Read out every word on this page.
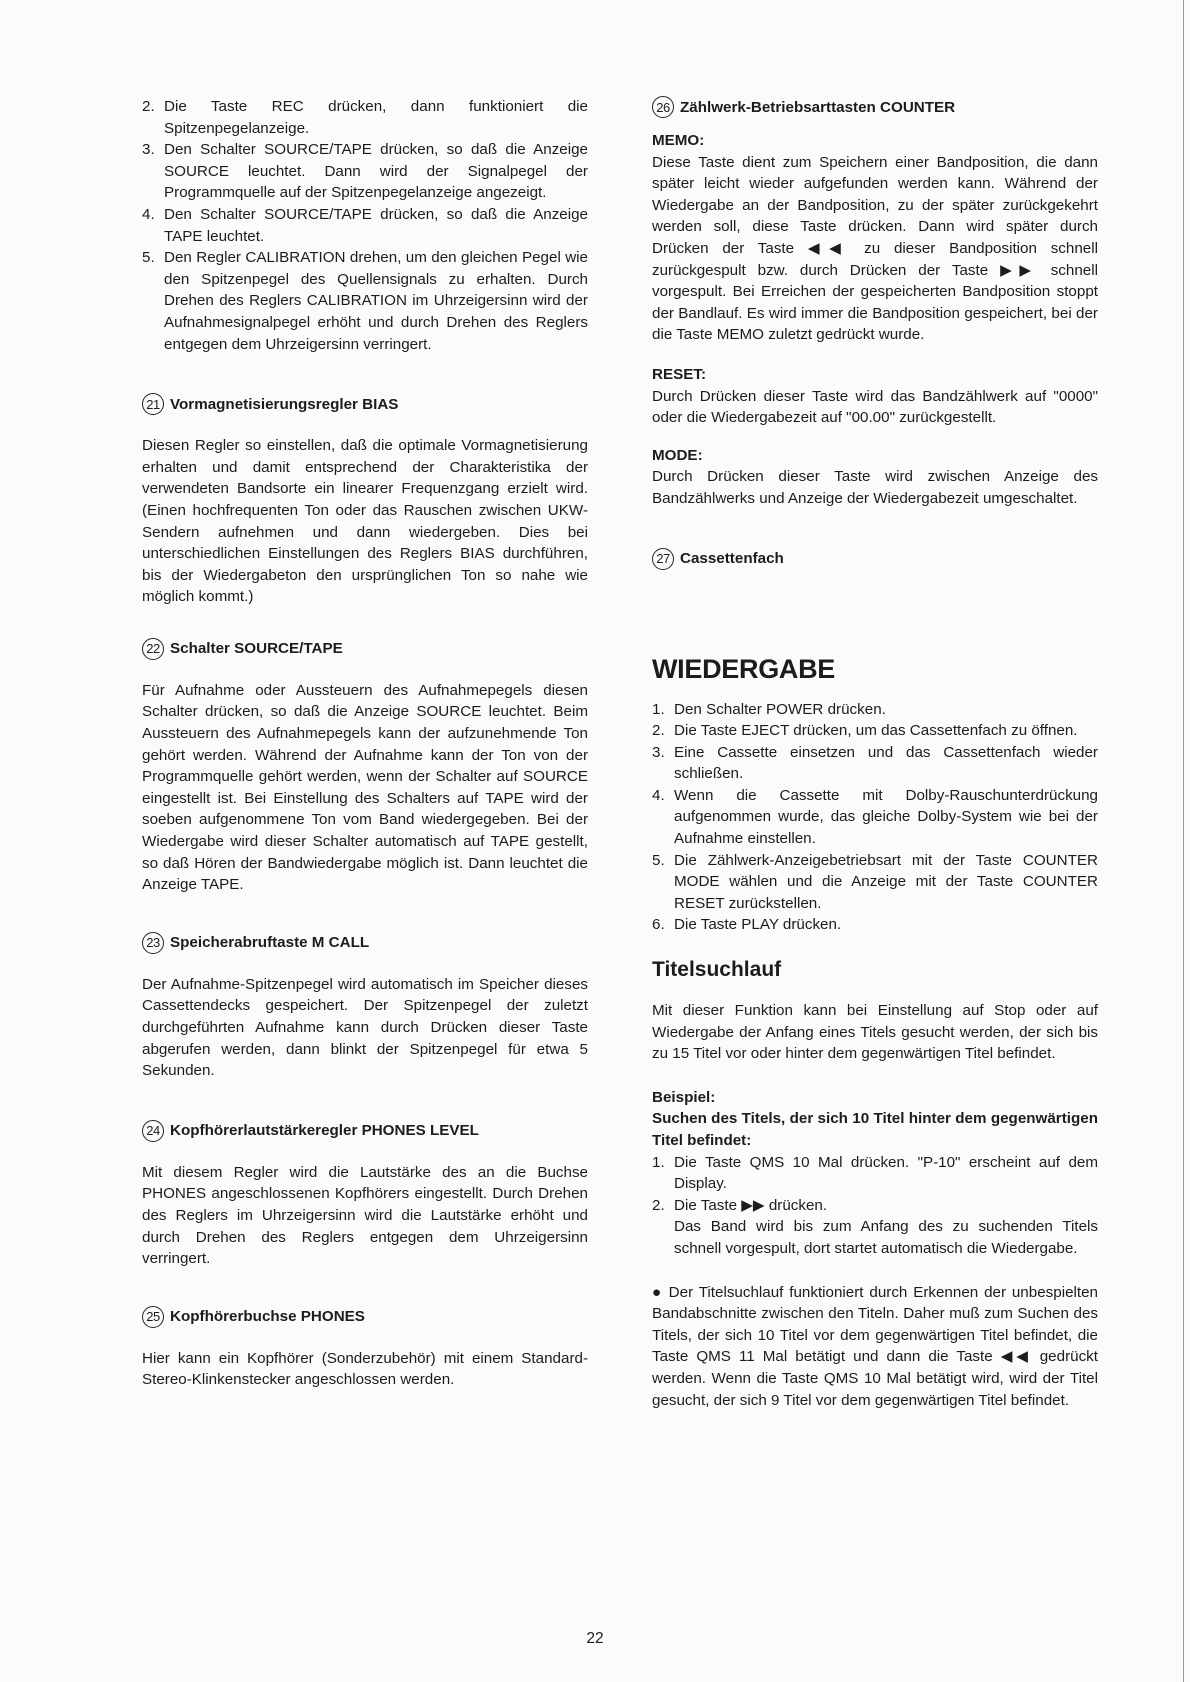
2. Die Taste REC drücken, dann funktioniert die Spitzenpegelanzeige.
3. Den Schalter SOURCE/TAPE drücken, so daß die Anzeige SOURCE leuchtet. Dann wird der Signalpegel der Programmquelle auf der Spitzenpegelanzeige angezeigt.
4. Den Schalter SOURCE/TAPE drücken, so daß die Anzeige TAPE leuchtet.
5. Den Regler CALIBRATION drehen, um den gleichen Pegel wie den Spitzenpegel des Quellensignals zu erhalten. Durch Drehen des Reglers CALIBRATION im Uhrzeigersinn wird der Aufnahmesignalpegel erhöht und durch Drehen des Reglers entgegen dem Uhrzeigersinn verringert.
21 Vormagnetisierungsregler BIAS

Diesen Regler so einstellen, daß die optimale Vormagnetisierung erhalten und damit entsprechend der Charakteristika der verwendeten Bandsorte ein linearer Frequenzgang erzielt wird. (Einen hochfrequenten Ton oder das Rauschen zwischen UKW- Sendern aufnehmen und dann wiedergeben. Dies bei unterschiedlichen Einstellungen des Reglers BIAS durchführen, bis der Wiedergabeton den ursprünglichen Ton so nahe wie möglich kommt.)

22 Schalter SOURCE/TAPE

Für Aufnahme oder Aussteuern des Aufnahmepegels diesen Schalter drücken, so daß die Anzeige SOURCE leuchtet. Beim Aussteuern des Aufnahmepegels kann der aufzunehmende Ton gehört werden. Während der Aufnahme kann der Ton von der Programmquelle gehört werden, wenn der Schalter auf SOURCE eingestellt ist. Bei Einstellung des Schalters auf TAPE wird der soeben aufgenommene Ton vom Band wiedergegeben. Bei der Wiedergabe wird dieser Schalter automatisch auf TAPE gestellt, so daß Hören der Bandwiedergabe möglich ist. Dann leuchtet die Anzeige TAPE.

23 Speicherabruftaste M CALL

Der Aufnahme-Spitzenpegel wird automatisch im Speicher dieses Cassettendecks gespeichert. Der Spitzenpegel der zuletzt durchgeführten Aufnahme kann durch Drücken dieser Taste abgerufen werden, dann blinkt der Spitzenpegel für etwa 5 Sekunden.

24 Kopfhörerlautstärkeregler PHONES LEVEL

Mit diesem Regler wird die Lautstärke des an die Buchse PHONES angeschlossenen Kopfhörers eingestellt. Durch Drehen des Reglers im Uhrzeigersinn wird die Lautstärke erhöht und durch Drehen des Reglers entgegen dem Uhrzeigersinn verringert.

25 Kopfhörerbuchse PHONES

Hier kann ein Kopfhörer (Sonderzubehör) mit einem Standard-Stereo-Klinkenstecker angeschlossen werden.

26 Zählwerk-Betriebsarttasten COUNTER

MEMO:

Diese Taste dient zum Speichern einer Bandposition, die dann später leicht wieder aufgefunden werden kann. Während der Wiedergabe an der Bandposition, zu der später zurückgekehrt werden soll, diese Taste drücken. Dann wird später durch Drücken der Taste ◀◀ zu dieser Bandposition schnell zurückgespult bzw. durch Drücken der Taste ▶▶ schnell vorgespult. Bei Erreichen der gespeicherten Bandposition stoppt der Bandlauf. Es wird immer die Bandposition gespeichert, bei der die Taste MEMO zuletzt gedrückt wurde.

RESET:

Durch Drücken dieser Taste wird das Bandzählwerk auf "0000" oder die Wiedergabezeit auf "00.00" zurückgestellt.

MODE:

Durch Drücken dieser Taste wird zwischen Anzeige des Bandzählwerks und Anzeige der Wiedergabezeit umgeschaltet.

27 Cassettenfach
WIEDERGABE
1. Den Schalter POWER drücken.
2. Die Taste EJECT drücken, um das Cassettenfach zu öffnen.
3. Eine Cassette einsetzen und das Cassettenfach wieder schließen.
4. Wenn die Cassette mit Dolby-Rauschunterdrückung aufgenommen wurde, das gleiche Dolby-System wie bei der Aufnahme einstellen.
5. Die Zählwerk-Anzeigebetriebsart mit der Taste COUNTER MODE wählen und die Anzeige mit der Taste COUNTER RESET zurückstellen.
6. Die Taste PLAY drücken.
Titelsuchlauf

Mit dieser Funktion kann bei Einstellung auf Stop oder auf Wiedergabe der Anfang eines Titels gesucht werden, der sich bis zu 15 Titel vor oder hinter dem gegenwärtigen Titel befindet.

Beispiel:

Suchen des Titels, der sich 10 Titel hinter dem gegenwärtigen Titel befindet:

1. Die Taste QMS 10 Mal drücken. "P-10" erscheint auf dem Display.
2. Die Taste ▶▶ drücken.

Das Band wird bis zum Anfang des zu suchenden Titels schnell vorgespult, dort startet automatisch die Wiedergabe.

● Der Titelsuchlauf funktioniert durch Erkennen der unbespielten Bandabschnitte zwischen den Titeln. Daher muß zum Suchen des Titels, der sich 10 Titel vor dem gegenwärtigen Titel befindet, die Taste QMS 11 Mal betätigt und dann die Taste ◀◀ gedrückt werden. Wenn die Taste QMS 10 Mal betätigt wird, wird der Titel gesucht, der sich 9 Titel vor dem gegenwärtigen Titel befindet.

22
